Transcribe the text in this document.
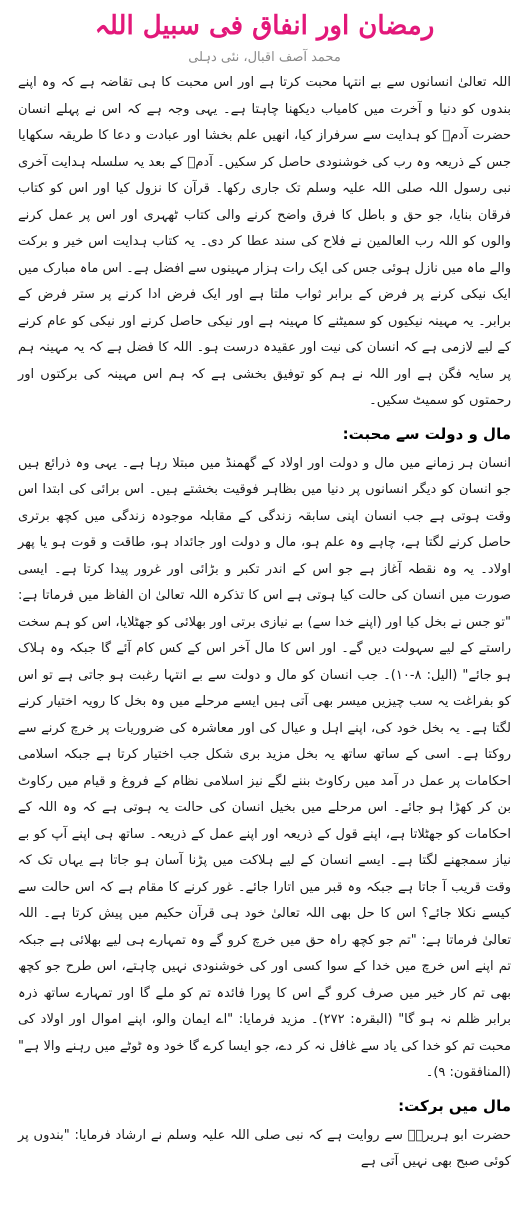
رمضان اور انفاق فی سبیل اللہ

محمد آصف اقبال، نئی دہلی

اللہ تعالیٰ انسانوں سے بے انتہا محبت کرتا ہے اور اس محبت کا ہی تقاضہ ہے کہ وہ اپنے بندوں کو دنیا و آخرت میں کامیاب دیکھنا چاہتا ہے۔ یہی وجہ ہے کہ اس نے پہلے انسان حضرت آدمؑ کو ہدایت سے سرفراز کیا، انھیں علم بخشا اور عبادت و دعا کا طریقہ سکھایا جس کے ذریعہ وہ رب کی خوشنودی حاصل کر سکیں۔ آدمؑ کے بعد یہ سلسلہ ہدایت آخری نبی رسول اللہ صلی اللہ علیہ وسلم تک جاری رکھا۔ قرآن کا نزول کیا اور اس کو کتاب فرقان بنایا، جو حق و باطل کا فرق واضح کرنے والی کتاب ٹھہری اور اس پر عمل کرنے والوں کو اللہ رب العالمین نے فلاح کی سند عطا کر دی۔ یہ کتاب ہدایت اس خیر و برکت والے ماہ میں نازل ہوئی جس کی ایک رات ہزار مہینوں سے افضل ہے۔ اس ماہ مبارک میں ایک نیکی کرنے پر فرض کے برابر ثواب ملتا ہے اور ایک فرض ادا کرنے پر ستر فرض کے برابر۔ یہ مہینہ نیکیوں کو سمیٹنے کا مہینہ ہے اور نیکی حاصل کرنے اور نیکی کو عام کرنے کے لیے لازمی ہے کہ انسان کی نیت اور عقیدہ درست ہو۔ اللہ کا فضل ہے کہ یہ مہینہ ہم پر سایہ فگن ہے اور اللہ نے ہم کو توفیق بخشی ہے کہ ہم اس مہینہ کی برکتوں اور رحمتوں کو سمیٹ سکیں۔

مال و دولت سے محبت:

انسان ہر زمانے میں مال و دولت اور اولاد کے گھمنڈ میں مبتلا رہا ہے۔ یہی وہ ذرائع ہیں جو انسان کو دیگر انسانوں پر دنیا میں بظاہر فوقیت بخشتے ہیں۔ اس برائی کی ابتدا اس وقت ہوتی ہے جب انسان اپنی سابقہ زندگی کے مقابلہ موجودہ زندگی میں کچھ برتری حاصل کرنے لگتا ہے، چاہے وہ علم ہو، مال و دولت اور جائداد ہو، طاقت و قوت ہو یا پھر اولاد۔ یہ وہ نقطہ آغاز ہے جو اس کے اندر تکبر و بڑائی اور غرور پیدا کرتا ہے۔ ایسی صورت میں انسان کی حالت کیا ہوتی ہے اس کا تذکرہ اللہ تعالیٰ ان الفاظ میں فرماتا ہے: "تو جس نے بخل کیا اور (اپنے خدا سے) بے نیازی برتی اور بھلائی کو جھٹلایا، اس کو ہم سخت راستے کے لیے سہولت دیں گے۔ اور اس کا مال آخر اس کے کس کام آئے گا جبکہ وہ ہلاک ہو جائے" (الیل: ۸-۱۰)۔ جب انسان کو مال و دولت سے بے انتہا رغبت ہو جاتی ہے تو اس کو بفراغت یہ سب چیزیں میسر بھی آتی ہیں ایسے مرحلے میں وہ بخل کا رویہ اختیار کرنے لگتا ہے۔ یہ بخل خود کی، اپنے اہل و عیال کی اور معاشرہ کی ضروریات پر خرچ کرنے سے روکتا ہے۔ اسی کے ساتھ ساتھ یہ بخل مزید بری شکل جب اختیار کرتا ہے جبکہ اسلامی احکامات پر عمل در آمد میں رکاوٹ بننے لگے نیز اسلامی نظام کے فروغ و قیام میں رکاوٹ بن کر کھڑا ہو جائے۔ اس مرحلے میں بخیل انسان کی حالت یہ ہوتی ہے کہ وہ اللہ کے احکامات کو جھٹلاتا ہے، اپنے قول کے ذریعہ اور اپنے عمل کے ذریعہ۔ ساتھ ہی اپنے آپ کو بے نیاز سمجھنے لگتا ہے۔ ایسے انسان کے لیے ہلاکت میں پڑنا آسان ہو جاتا ہے یہاں تک کہ وقت قریب آ جاتا ہے جبکہ وہ قبر میں اتارا جائے۔ غور کرنے کا مقام ہے کہ اس حالت سے کیسے نکلا جائے؟ اس کا حل بھی اللہ تعالیٰ خود ہی قرآن حکیم میں پیش کرتا ہے۔ اللہ تعالیٰ فرماتا ہے: "تم جو کچھ راہ حق میں خرچ کرو گے وہ تمہارے ہی لیے بھلائی ہے جبکہ تم اپنے اس خرچ میں خدا کے سوا کسی اور کی خوشنودی نہیں چاہتے، اس طرح جو کچھ بھی تم کار خیر میں صرف کرو گے اس کا پورا فائدہ تم کو ملے گا اور تمہارے ساتھ ذرہ برابر ظلم نہ ہو گا" (البقرہ: ۲۷۲)۔ مزید فرمایا: "اے ایمان والو، اپنے اموال اور اولاد کی محبت تم کو خدا کی یاد سے غافل نہ کر دے، جو ایسا کرے گا خود وہ ٹوٹے میں رہنے والا ہے" (المنافقون: ۹)۔

مال میں برکت:

حضرت ابو ہریرہؓ سے روایت ہے کہ نبی صلی اللہ علیہ وسلم نے ارشاد فرمایا: "بندوں پر کوئی صبح بھی نہیں آتی ہے
